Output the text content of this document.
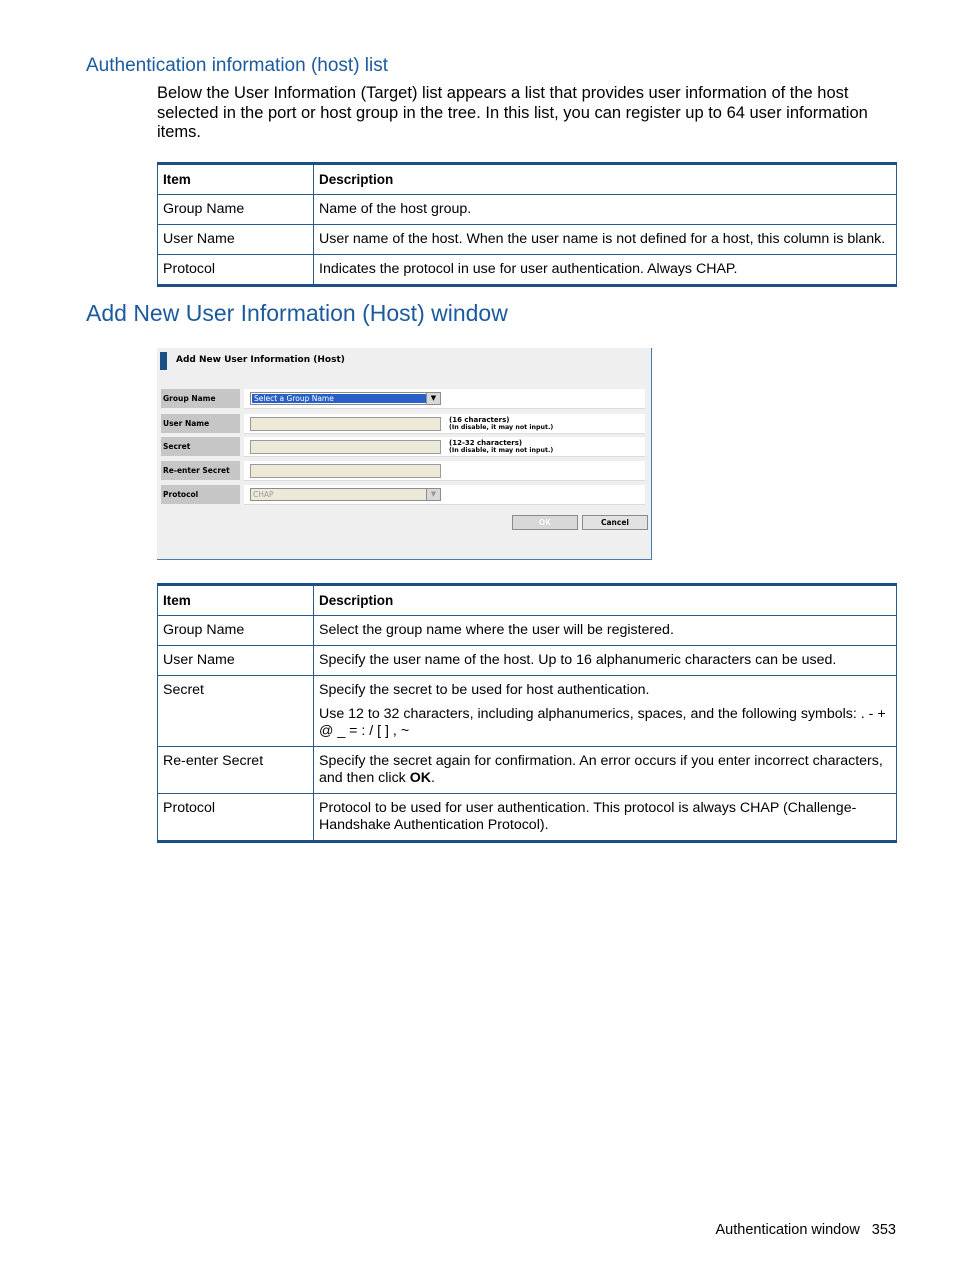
Authentication information (host) list
Below the User Information (Target) list appears a list that provides user information of the host selected in the port or host group in the tree. In this list, you can register up to 64 user information items.
Item	Description
Group Name	Name of the host group.
User Name	User name of the host. When the user name is not defined for a host, this column is blank.
Protocol	Indicates the protocol in use for user authentication. Always CHAP.
Add New User Information (Host) window
Add New User Information (Host)
Group Name	Select a Group Name	▼
User Name	(16 characters)
(In disable, it may not input.)
Secret	(12-32 characters)
(In disable, it may not input.)
Re-enter Secret
Protocol	CHAP	▼
OK	Cancel
Item	Description
Group Name	Select the group name where the user will be registered.
User Name	Specify the user name of the host. Up to 16 alphanumeric characters can be used.
Secret	Specify the secret to be used for host authentication.

Use 12 to 32 characters, including alphanumerics, spaces, and the following symbols: . - + @ _ = : / [ ] , ~

Re-enter Secret	Specify the secret again for confirmation. An error occurs if you enter incorrect characters, and then click OK.
Protocol	Protocol to be used for user authentication. This protocol is always CHAP (Challenge-Handshake Authentication Protocol).
Authentication window 353
